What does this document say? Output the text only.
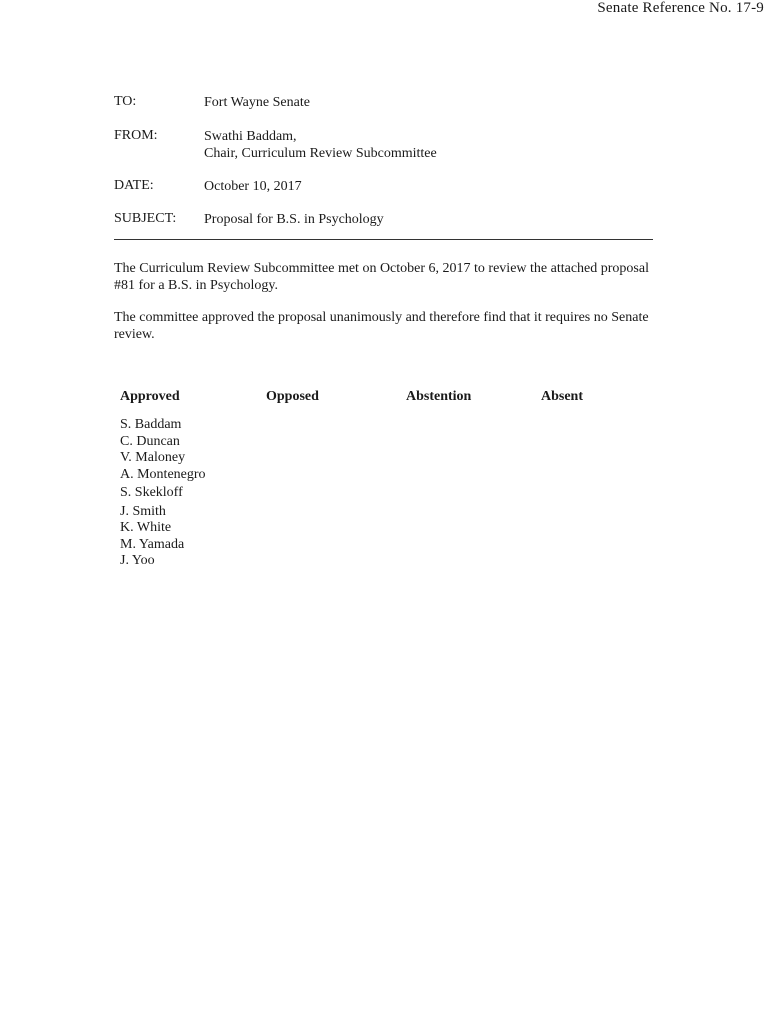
Senate Reference No. 17-9
TO:	Fort Wayne Senate
FROM:	Swathi Baddam,
Chair, Curriculum Review Subcommittee
DATE:	October 10, 2017
SUBJECT: Proposal for B.S. in Psychology
The Curriculum Review Subcommittee met on October 6, 2017 to review the attached proposal
#81 for a B.S. in Psychology.
The committee approved the proposal unanimously and therefore find that it requires no Senate
review.
Approved	Opposed	Abstention	Absent
S. Baddam
C. Duncan
V. Maloney
A. Montenegro
S. Skekloff
J. Smith
K. White
M. Yamada
J. Yoo
